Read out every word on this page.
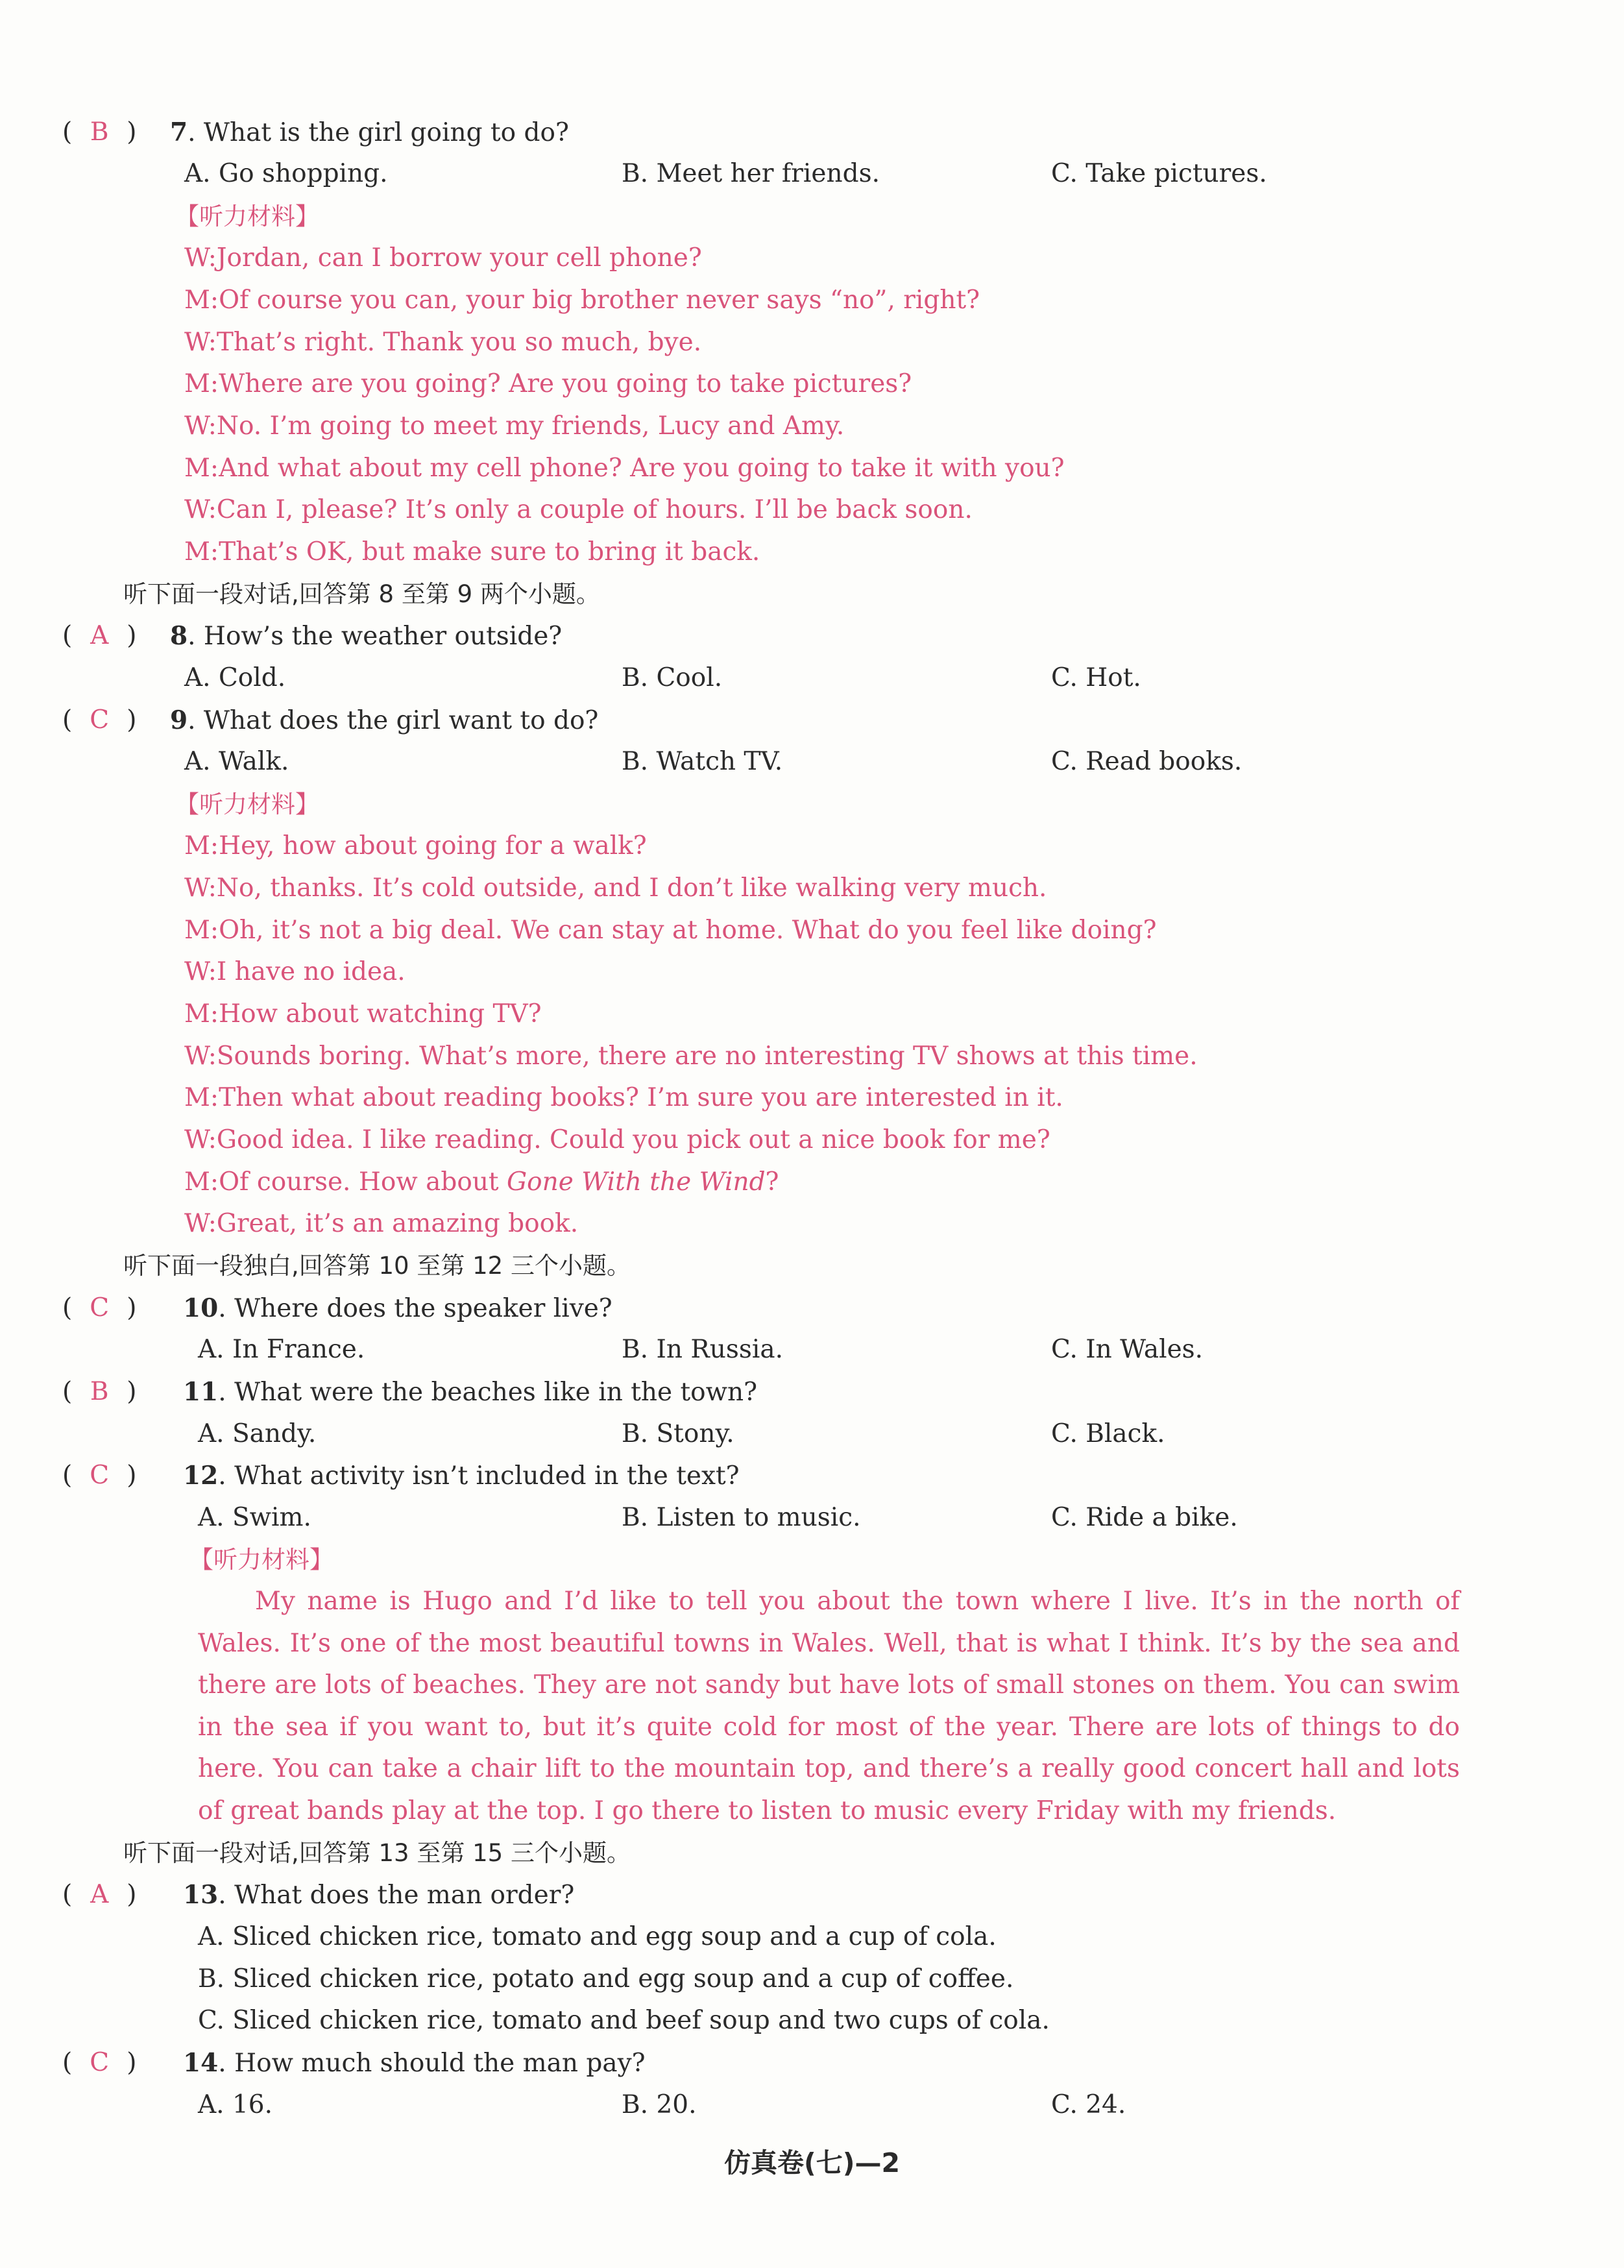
( B )	7. What is the girl going to do?
A. Go shopping.	B. Meet her friends.	C. Take pictures.
【听力材料】
W:Jordan, can I borrow your cell phone?
M:Of course you can, your big brother never says “no”, right?
W:That’s right. Thank you so much, bye.
M:Where are you going? Are you going to take pictures?
W:No. I’m going to meet my friends, Lucy and Amy.
M:And what about my cell phone? Are you going to take it with you?
W:Can I, please? It’s only a couple of hours. I’ll be back soon.
M:That’s OK, but make sure to bring it back.
听下面一段对话,回答第 8 至第 9 两个小题。
( A )	8. How’s the weather outside?
A. Cold.	B. Cool.	C. Hot.
( C )	9. What does the girl want to do?
A. Walk.	B. Watch TV.	C. Read books.
【听力材料】
M:Hey, how about going for a walk?
W:No, thanks. It’s cold outside, and I don’t like walking very much.
M:Oh, it’s not a big deal. We can stay at home. What do you feel like doing?
W:I have no idea.
M:How about watching TV?
W:Sounds boring. What’s more, there are no interesting TV shows at this time.
M:Then what about reading books? I’m sure you are interested in it.
W:Good idea. I like reading. Could you pick out a nice book for me?
M:Of course. How about Gone With the Wind?
W:Great, it’s an amazing book.
听下面一段独白,回答第 10 至第 12 三个小题。
( C )	10. Where does the speaker live?
A. In France.	B. In Russia.	C. In Wales.
( B )	11. What were the beaches like in the town?
A. Sandy.	B. Stony.	C. Black.
( C )	12. What activity isn’t included in the text?
A. Swim.	B. Listen to music.	C. Ride a bike.
【听力材料】
My name is Hugo and I’d like to tell you about the town where I live. It’s in the north of Wales. It’s one of the most beautiful towns in Wales. Well, that is what I think. It’s by the sea and there are lots of beaches. They are not sandy but have lots of small stones on them. You can swim in the sea if you want to, but it’s quite cold for most of the year. There are lots of things to do here. You can take a chair lift to the mountain top, and there’s a really good concert hall and lots of great bands play at the top. I go there to listen to music every Friday with my friends.
听下面一段对话,回答第 13 至第 15 三个小题。
( A )	13. What does the man order?
A. Sliced chicken rice, tomato and egg soup and a cup of cola.
B. Sliced chicken rice, potato and egg soup and a cup of coffee.
C. Sliced chicken rice, tomato and beef soup and two cups of cola.
( C )	14. How much should the man pay?
A. 16.	B. 20.	C. 24.
仿真卷(七)—2
